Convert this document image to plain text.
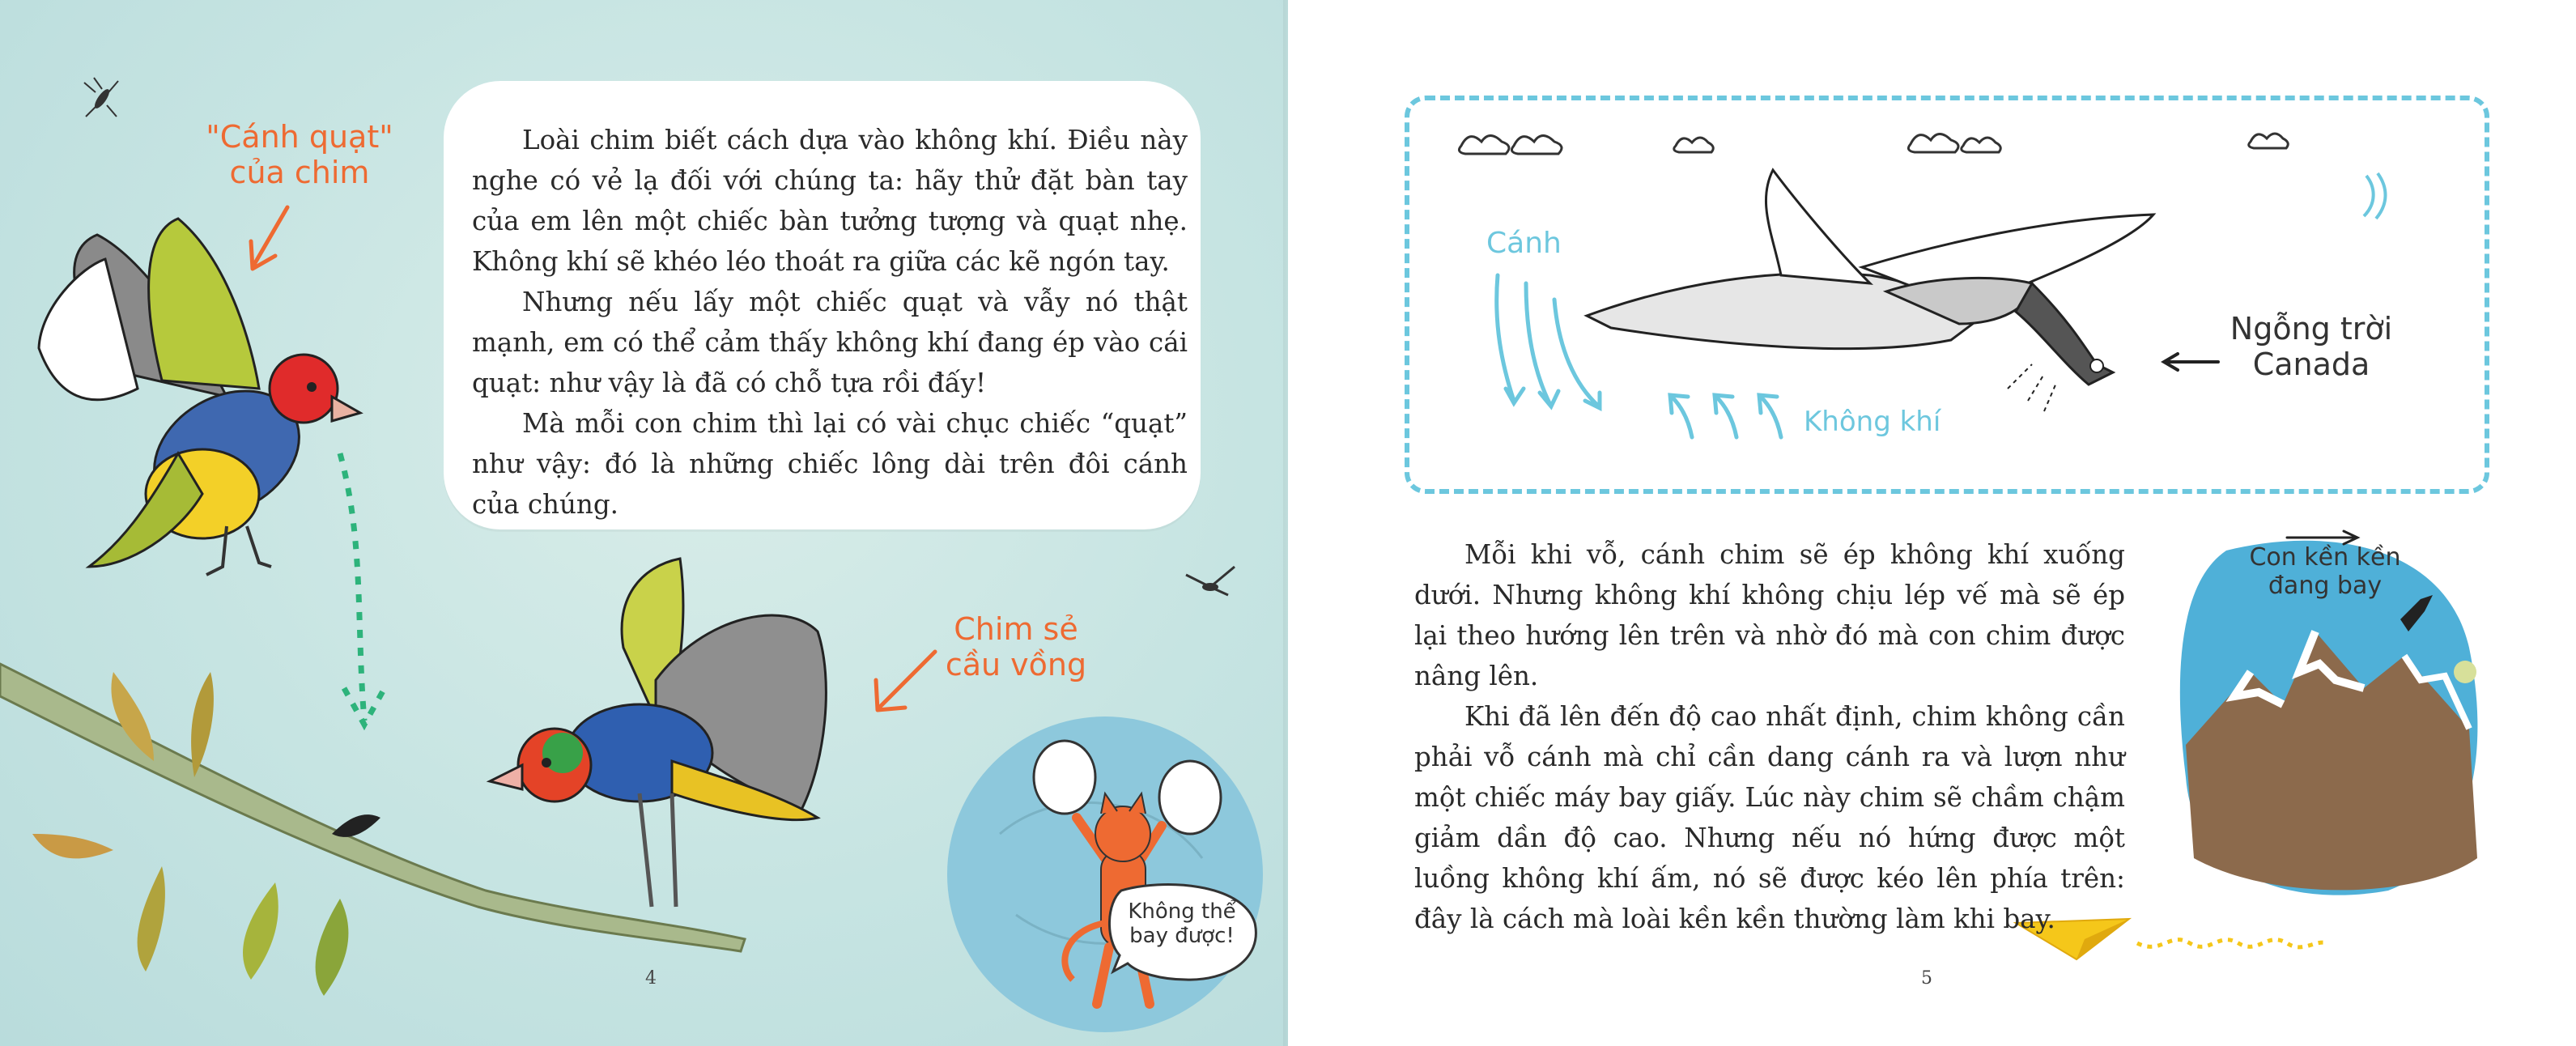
"Cánh quạt"
của chim
Chim sẻ
cầu vồng
Không thể
bay được!

Loài chim biết cách dựa vào không khí. Điều này nghe có vẻ lạ đối với chúng ta: hãy thử đặt bàn tay của em lên một chiếc bàn tưởng tượng và quạt nhẹ. Không khí sẽ khéo léo thoát ra giữa các kẽ ngón tay.

Nhưng nếu lấy một chiếc quạt và vẫy nó thật mạnh, em có thể cảm thấy không khí đang ép vào cái quạt: như vậy là đã có chỗ tựa rồi đấy!

Mà mỗi con chim thì lại có vài chục chiếc “quạt” như vậy: đó là những chiếc lông dài trên đôi cánh của chúng.

4	5
Cánh
Không khí
Ngỗng trời
Canada
Con kền kền
đang bay

Mỗi khi vỗ, cánh chim sẽ ép không khí xuống dưới. Nhưng không khí không chịu lép vế mà sẽ ép lại theo hướng lên trên và nhờ đó mà con chim được nâng lên.

Khi đã lên đến độ cao nhất định, chim không cần phải vỗ cánh mà chỉ cần dang cánh ra và lượn như một chiếc máy bay giấy. Lúc này chim sẽ chầm chậm giảm dần độ cao. Nhưng nếu nó hứng được một luồng không khí ấm, nó sẽ được kéo lên phía trên: đây là cách mà loài kền kền thường làm khi bay.
